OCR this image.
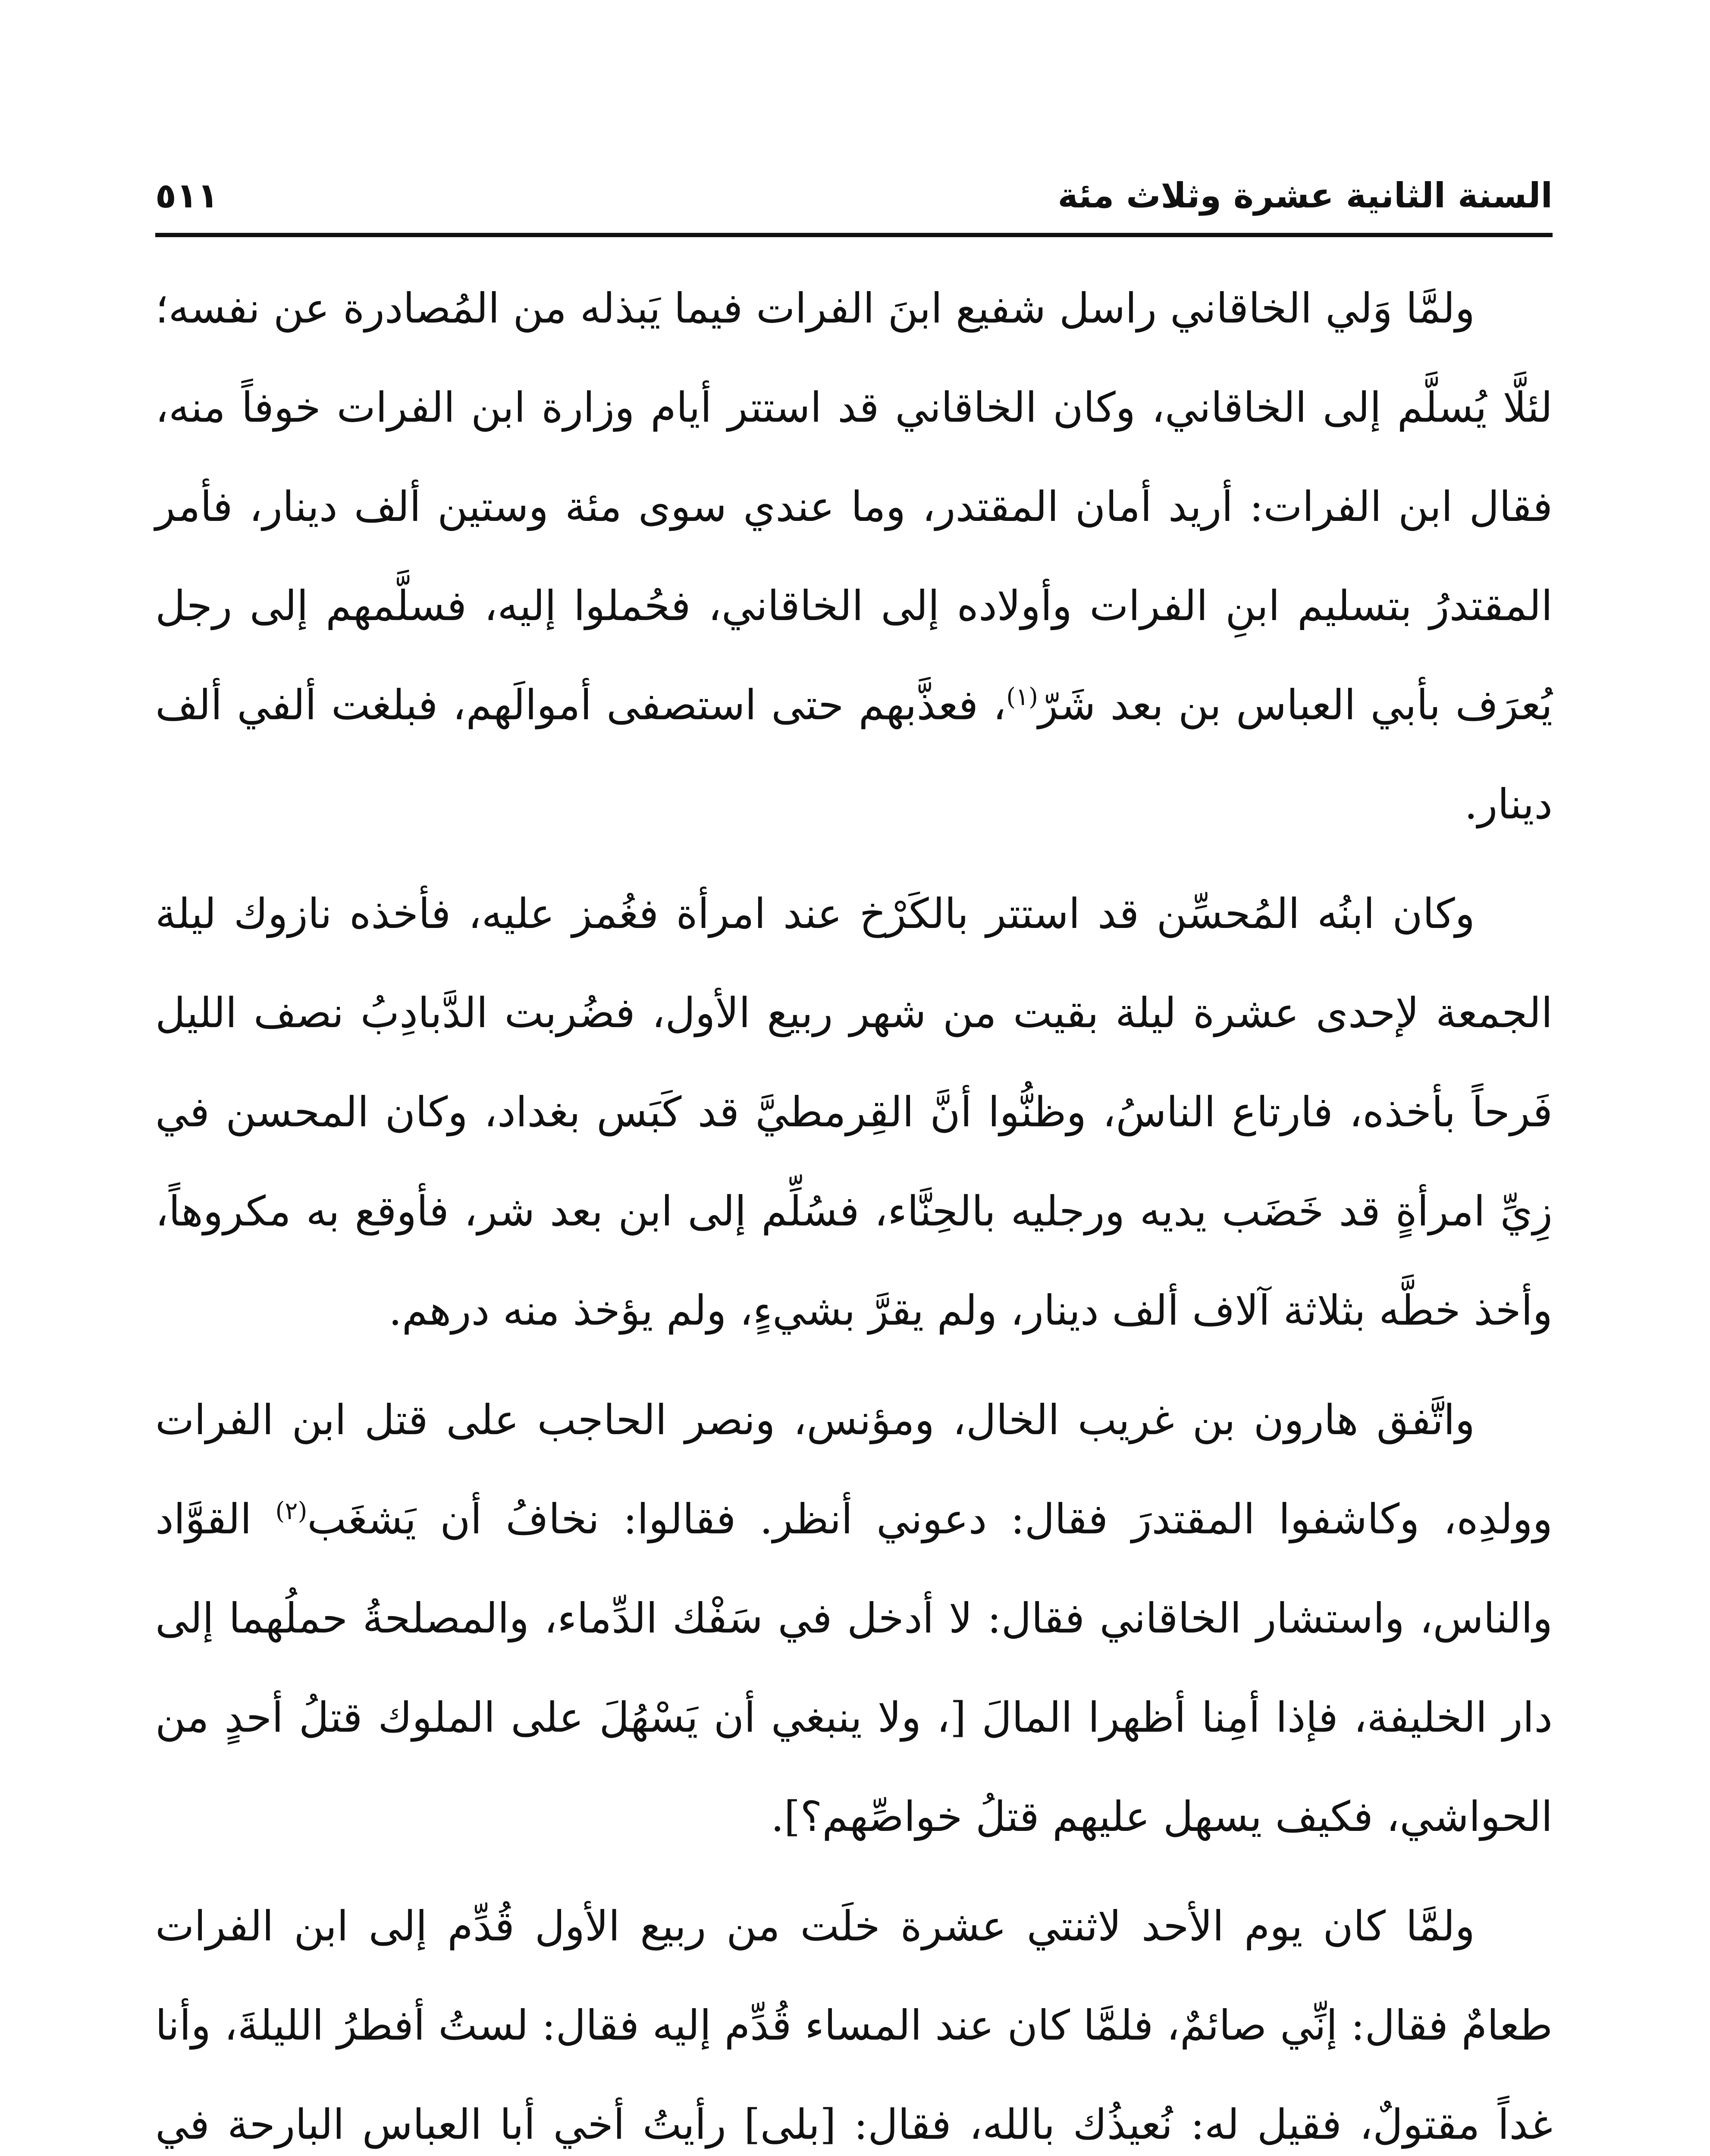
السنة الثانية عشرة وثلاث مئة
٥١١

ولمَّا وَلي الخاقاني راسل شفيع ابنَ الفرات فيما يَبذله من المُصادرة عن نفسه؛ لئلَّا يُسلَّم إلى الخاقاني، وكان الخاقاني قد استتر أيام وزارة ابن الفرات خوفاً منه، فقال ابن الفرات: أريد أمان المقتدر، وما عندي سوى مئة وستين ألف دينار، فأمر المقتدرُ بتسليم ابنِ الفرات وأولاده إلى الخاقاني، فحُملوا إليه، فسلَّمهم إلى رجل يُعرَف بأبي العباس بن بعد شَرّ$^{(١)}$، فعذَّبهم حتى استصفى أموالَهم، فبلغت ألفي ألف دينار.

وكان ابنُه المُحسِّن قد استتر بالكَرْخ عند امرأة فغُمز عليه، فأخذه نازوك ليلة الجمعة لإحدى عشرة ليلة بقيت من شهر ربيع الأول، فضُربت الدَّبادِبُ نصف الليل فَرحاً بأخذه، فارتاع الناسُ، وظنُّوا أنَّ القِرمطيَّ قد كَبَس بغداد، وكان المحسن في زِيِّ امرأةٍ قد خَضَب يديه ورجليه بالحِنَّاء، فسُلِّم إلى ابن بعد شر، فأوقع به مكروهاً، وأخذ خطَّه بثلاثة آلاف ألف دينار، ولم يقرَّ بشيءٍ، ولم يؤخذ منه درهم.

واتَّفق هارون بن غريب الخال، ومؤنس، ونصر الحاجب على قتل ابن الفرات وولدِه، وكاشفوا المقتدرَ فقال: دعوني أنظر. فقالوا: نخافُ أن يَشغَب$^{(٢)}$ القوَّاد والناس، واستشار الخاقاني فقال: لا أدخل في سَفْك الدِّماء، والمصلحةُ حملُهما إلى دار الخليفة، فإذا أمِنا أظهرا المالَ [، ولا ينبغي أن يَسْهُلَ على الملوك قتلُ أحدٍ من الحواشي، فكيف يسهل عليهم قتلُ خواصِّهم؟].

ولمَّا كان يوم الأحد لاثنتي عشرة خلَت من ربيع الأول قُدِّم إلى ابن الفرات طعامٌ فقال: إنِّي صائمٌ، فلمَّا كان عند المساء قُدِّم إليه فقال: لستُ أفطرُ الليلةَ، وأنا غداً مقتولٌ، فقيل له: نُعيذُك بالله، فقال: [بلى] رأيتُ أخي أبا العباس البارحة في
